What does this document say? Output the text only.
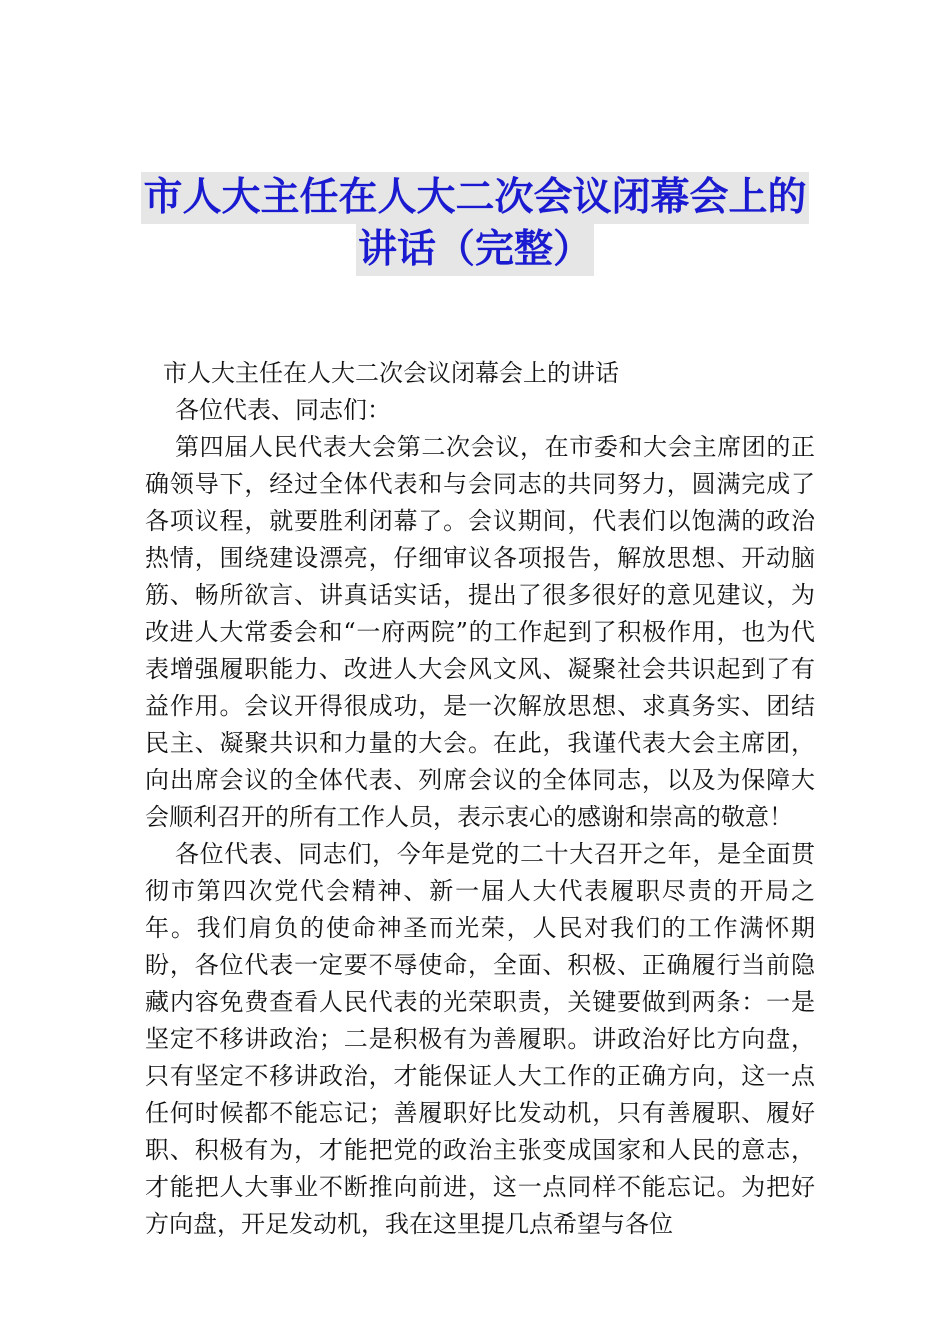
市人大主任在人大二次会议闭幕会上的
讲话（完整）

市人大主任在人大二次会议闭幕会上的讲话

各位代表、同志们：

第四届人民代表大会第二次会议，在市委和大会主席团的正确领导下，经过全体代表和与会同志的共同努力，圆满完成了各项议程，就要胜利闭幕了。会议期间，代表们以饱满的政治热情，围绕建设漂亮，仔细审议各项报告，解放思想、开动脑筋、畅所欲言、讲真话实话，提出了很多很好的意见建议，为改进人大常委会和“一府两院”的工作起到了积极作用，也为代表增强履职能力、改进人大会风文风、凝聚社会共识起到了有益作用。会议开得很成功，是一次解放思想、求真务实、团结民主、凝聚共识和力量的大会。在此，我谨代表大会主席团，向出席会议的全体代表、列席会议的全体同志，以及为保障大会顺利召开的所有工作人员，表示衷心的感谢和崇高的敬意！

各位代表、同志们，今年是党的二十大召开之年，是全面贯彻市第四次党代会精神、新一届人大代表履职尽责的开局之年。我们肩负的使命神圣而光荣，人民对我们的工作满怀期盼，各位代表一定要不辱使命，全面、积极、正确履行当前隐藏内容免费查看人民代表的光荣职责，关键要做到两条：一是坚定不移讲政治；二是积极有为善履职。讲政治好比方向盘，只有坚定不移讲政治，才能保证人大工作的正确方向，这一点任何时候都不能忘记；善履职好比发动机，只有善履职、履好职、积极有为，才能把党的政治主张变成国家和人民的意志，才能把人大事业不断推向前进，这一点同样不能忘记。为把好方向盘，开足发动机，我在这里提几点希望与各位
